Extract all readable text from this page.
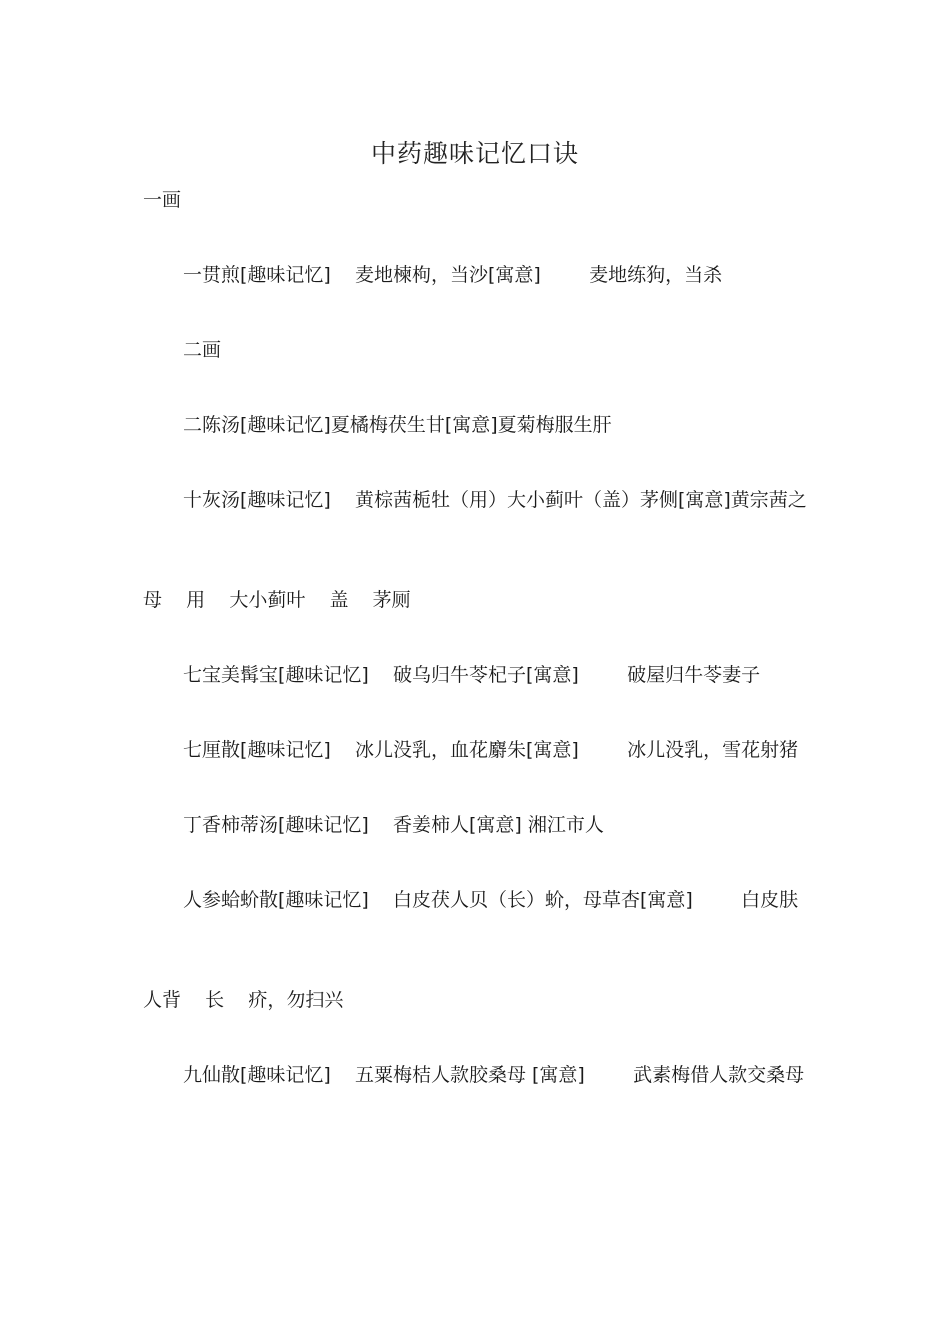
中药趣味记忆口诀
一画
一贯煎[趣味记忆]    麦地楝枸，当沙[寓意]        麦地练狗，当杀
二画
二陈汤[趣味记忆]夏橘梅茯生甘[寓意]夏菊梅服生肝
十灰汤[趣味记忆]    黄棕茜栀牡（用）大小蓟叶（盖）茅侧[寓意]黄宗茜之
母    用    大小蓟叶    盖    茅厕
七宝美髯宝[趣味记忆]    破乌归牛苓杞子[寓意]        破屋归牛苓妻子
七厘散[趣味记忆]    冰儿没乳，血花麝朱[寓意]        冰儿没乳，雪花射猪
丁香柿蒂汤[趣味记忆]    香姜柿人[寓意] 湘江市人
人参蛤蚧散[趣味记忆]    白皮茯人贝（长）蚧，母草杏[寓意]        白皮肤
人背    长    疥，勿扫兴
九仙散[趣味记忆]    五粟梅桔人款胶桑母 [寓意]        武素梅借人款交桑母
